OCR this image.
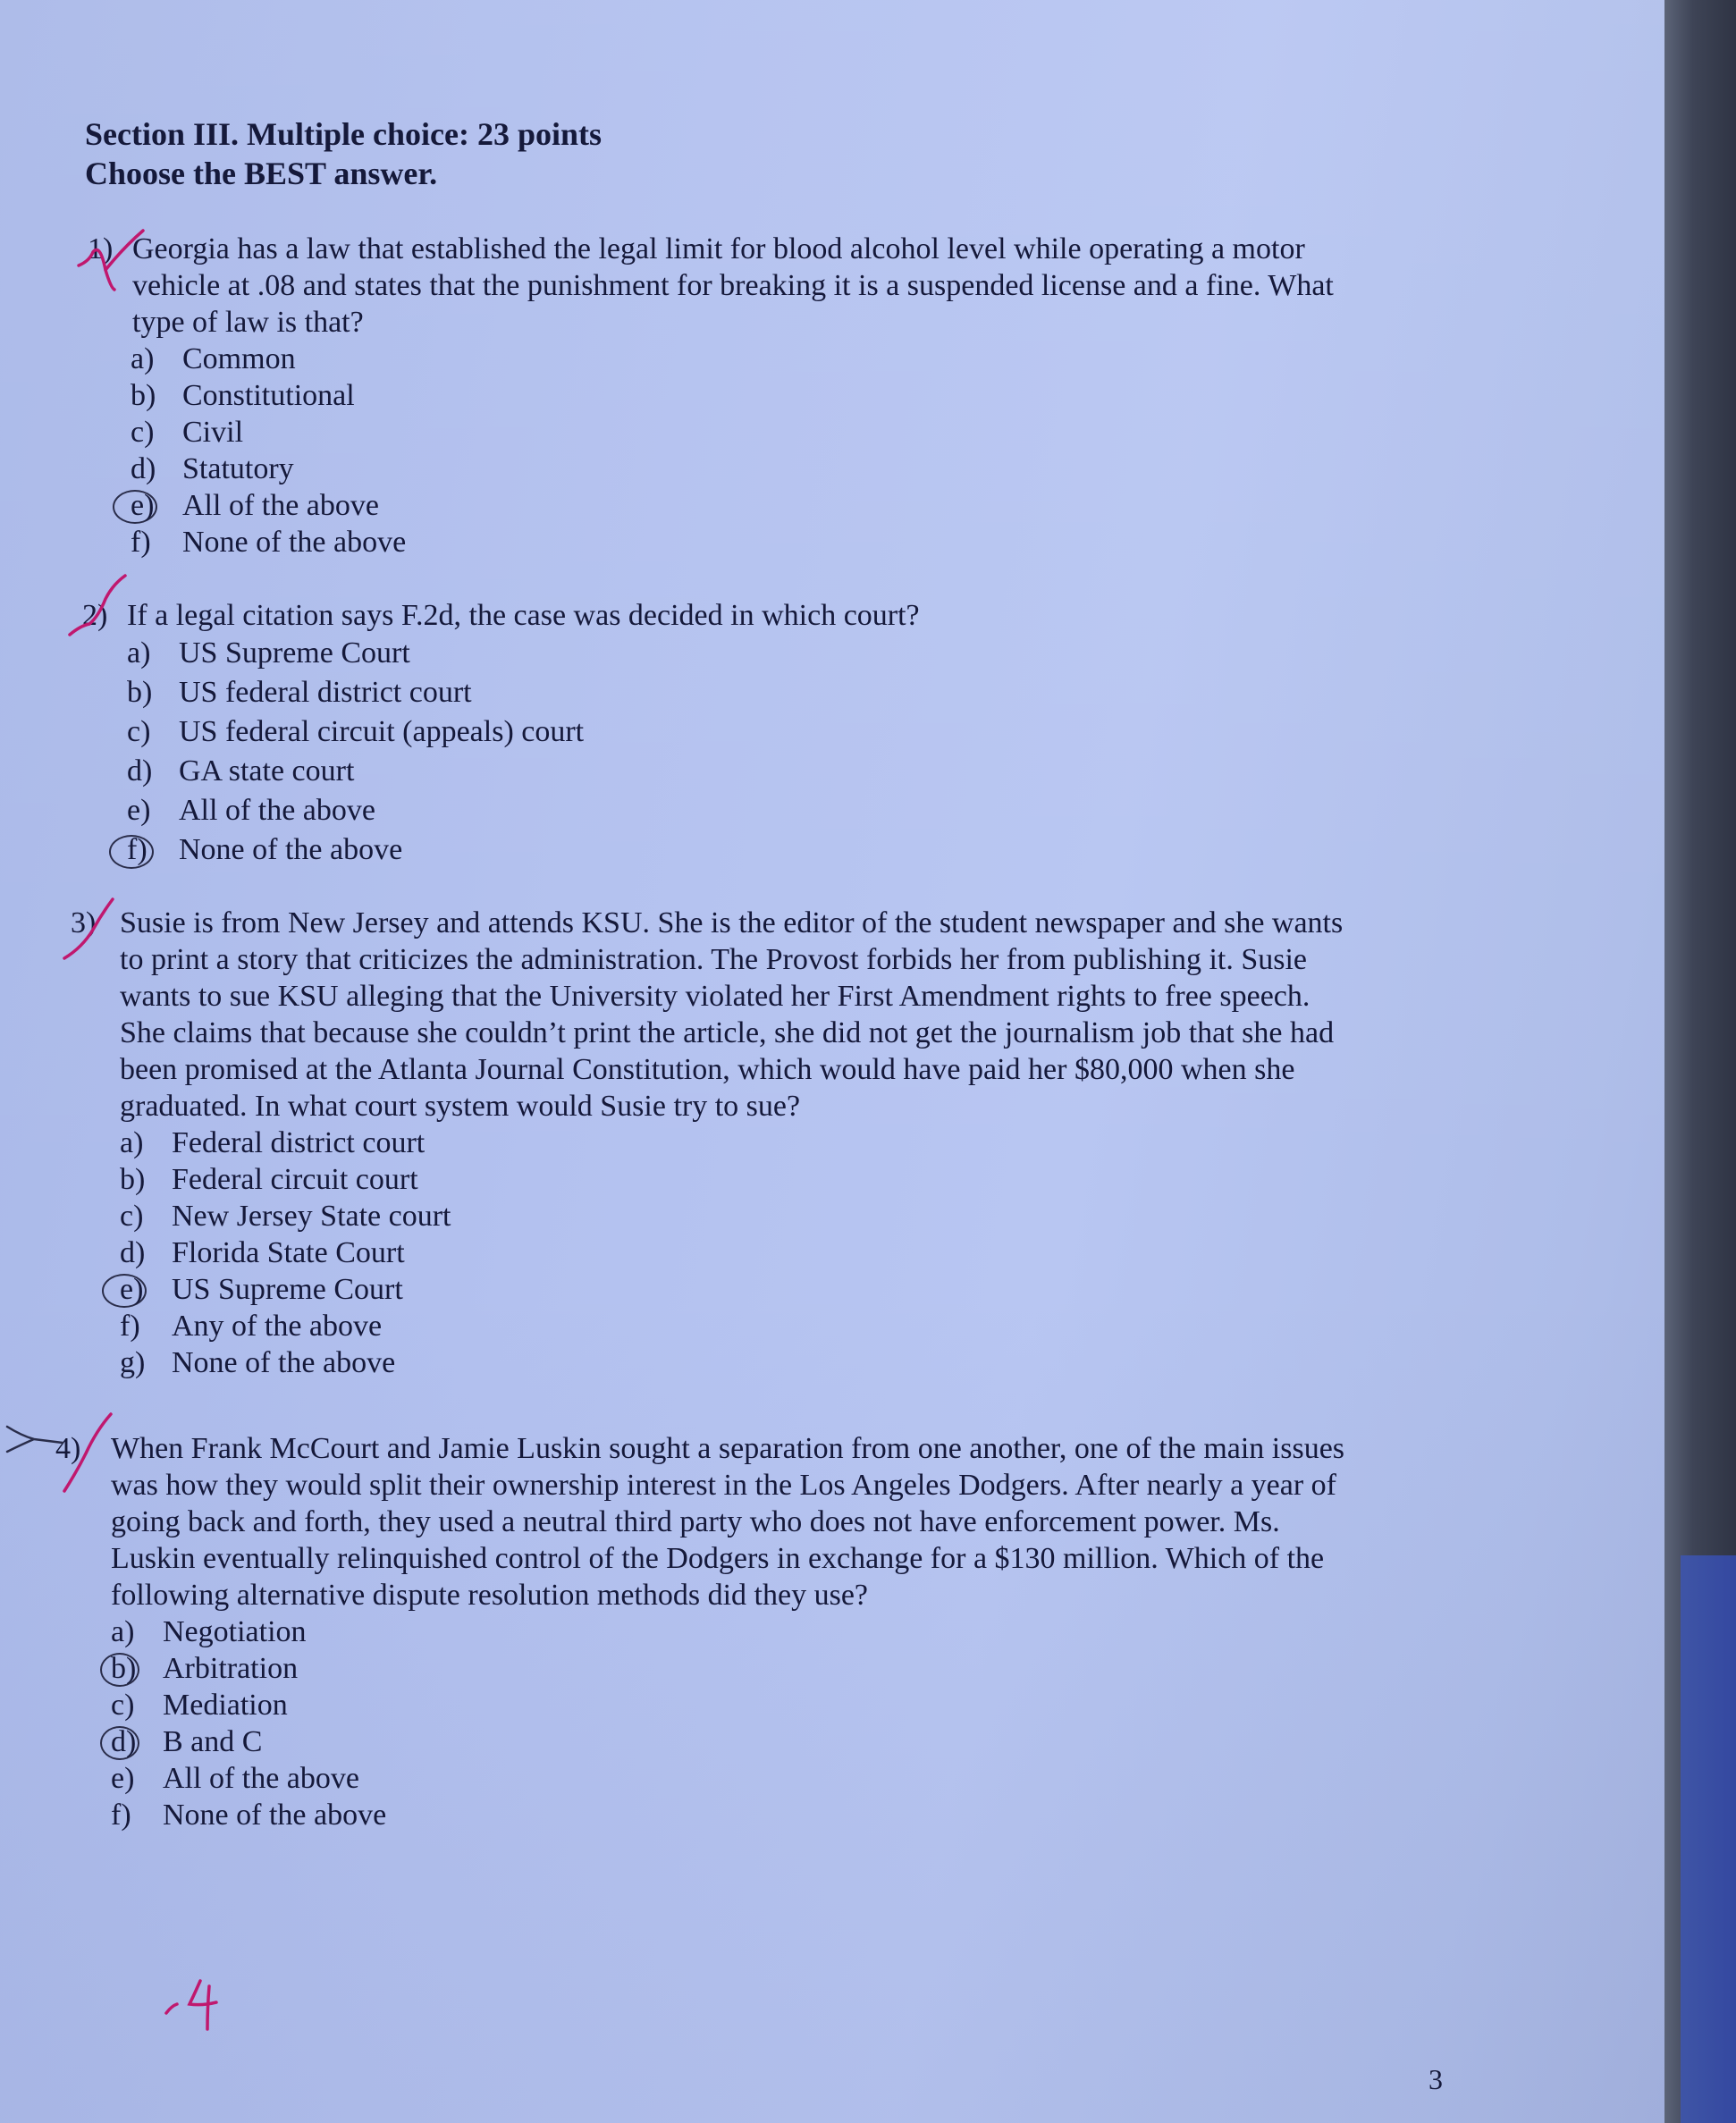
Section III. Multiple choice: 23 points
Choose the BEST answer.
1) Georgia has a law that established the legal limit for blood alcohol level while operating a motor
vehicle at .08 and states that the punishment for breaking it is a suspended license and a fine. What
type of law is that?
a) Common
b) Constitutional
c) Civil
d) Statutory
e) All of the above
f)	None of the above
2) If a legal citation says F.2d, the case was decided in which court?
a) US Supreme Court
b) US federal district court
c) US federal circuit (appeals) court
d) GA state court
e) All of the above
f)	None of the above
3) Susie is from New Jersey and attends KSU. She is the editor of the student newspaper and she wants
to print a story that criticizes the administration. The Provost forbids her from publishing it. Susie
wants to sue KSU alleging that the University violated her First Amendment rights to free speech.
She claims that because she couldn’t print the article, she did not get the journalism job that she had
been promised at the Atlanta Journal Constitution, which would have paid her $80,000 when she
graduated. In what court system would Susie try to sue?
a) Federal district court
b) Federal circuit court
c) New Jersey State court
d) Florida State Court
e) US Supreme Court
f)	Any of the above
g) None of the above
4) When Frank McCourt and Jamie Luskin sought a separation from one another, one of the main issues
was how they would split their ownership interest in the Los Angeles Dodgers. After nearly a year of
going back and forth, they used a neutral third party who does not have enforcement power. Ms.
Luskin eventually relinquished control of the Dodgers in exchange for a $130 million. Which of the
following alternative dispute resolution methods did they use?
a) Negotiation
b) Arbitration
c) Mediation
d) B and C
e) All of the above
f)	None of the above
3
